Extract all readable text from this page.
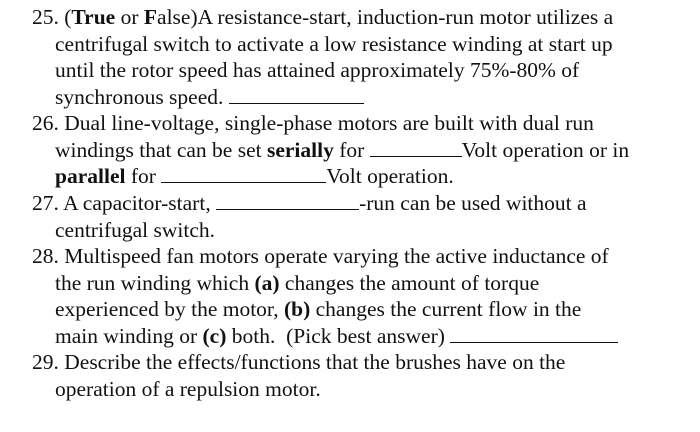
25. (True or False)A resistance-start, induction-run motor utilizes a
centrifugal switch to activate a low resistance winding at start up
until the rotor speed has attained approximately 75%-80% of
synchronous speed.
26. Dual line-voltage, single-phase motors are built with dual run
windings that can be set serially for	Volt operation or in
parallel for	Volt operation.
27. A capacitor-start,	-run can be used without a
centrifugal switch.
28. Multispeed fan motors operate varying the active inductance of
the run winding which (a) changes the amount of torque
experienced by the motor, (b) changes the current flow in the
main winding or (c) both.  (Pick best answer)
29. Describe the effects/functions that the brushes have on the
operation of a repulsion motor.
